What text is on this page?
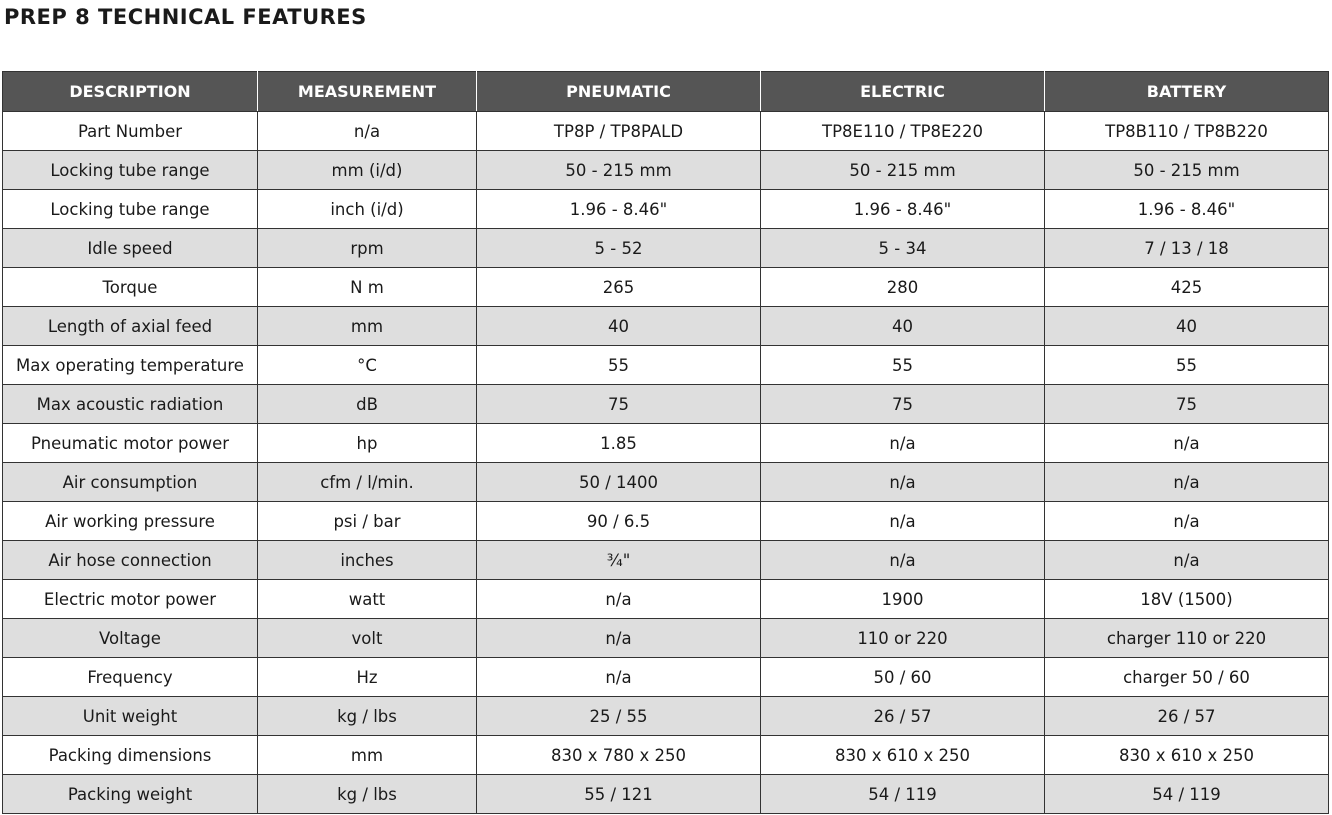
PREP 8 TECHNICAL FEATURES
DESCRIPTION	MEASUREMENT	PNEUMATIC	ELECTRIC	BATTERY
Part Number	n/a	TP8P / TP8PALD	TP8E110 / TP8E220	TP8B110 / TP8B220
Locking tube range	mm (i/d)	50 - 215 mm	50 - 215 mm	50 - 215 mm
Locking tube range	inch (i/d)	1.96 - 8.46"	1.96 - 8.46"	1.96 - 8.46"
Idle speed	rpm	5 - 52	5 - 34	7 / 13 / 18
Torque	N m	265	280	425
Length of axial feed	mm	40	40	40
Max operating temperature	°C	55	55	55
Max acoustic radiation	dB	75	75	75
Pneumatic motor power	hp	1.85	n/a	n/a
Air consumption	cfm / l/min.	50 / 1400	n/a	n/a
Air working pressure	psi / bar	90 / 6.5	n/a	n/a
Air hose connection	inches	¾"	n/a	n/a
Electric motor power	watt	n/a	1900	18V (1500)
Voltage	volt	n/a	110 or 220	charger 110 or 220
Frequency	Hz	n/a	50 / 60	charger 50 / 60
Unit weight	kg / lbs	25 / 55	26 / 57	26 / 57
Packing dimensions	mm	830 x 780 x 250	830 x 610 x 250	830 x 610 x 250
Packing weight	kg / lbs	55 / 121	54 / 119	54 / 119
